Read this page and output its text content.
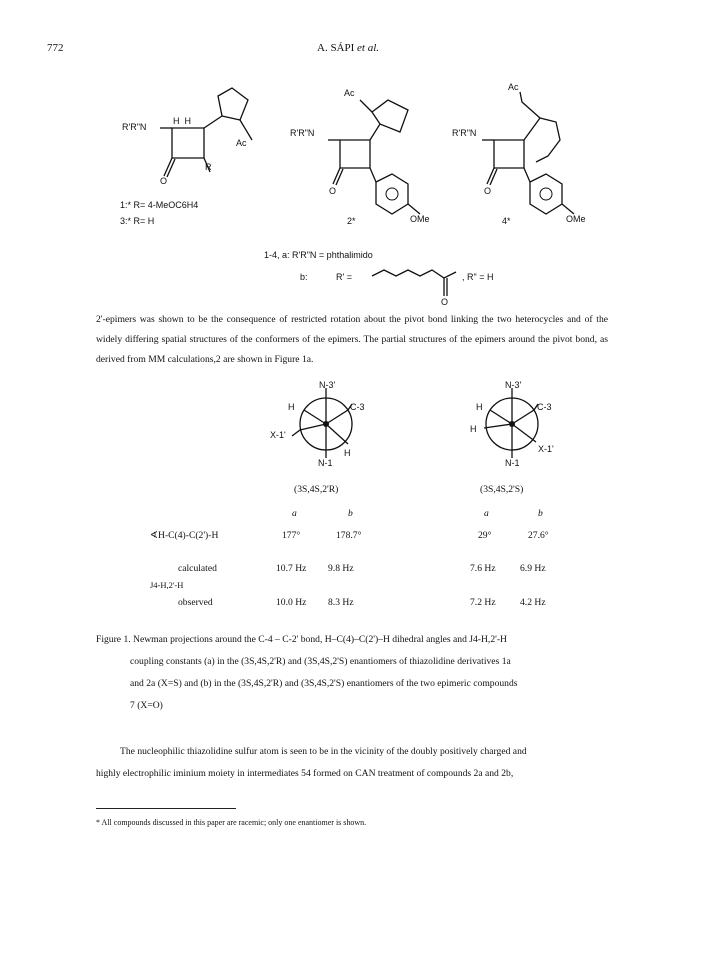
772	A. SÁPI et al.
R'R"N
H  H
Ac
R
O
1:* R= 4-MeOC6H4
3:* R= H
Ac
R'R"N
O
2*	OMe
Ac
R'R"N
O
4*	OMe
1-4, a: R'R"N = phthalimido
b:	R' =	, R" = H
O
2'-epimers was shown to be the consequence of restricted rotation about the pivot bond linking the two heterocycles and of the widely differing spatial structures of the conformers of the epimers. The partial structures of the epimers around the pivot bond, as derived from MM calculations,2 are shown in Figure 1a.
N-3'
H	C-3
X-1'
H
N-1
N-3'
H	C-3
H
X-1'
N-1
(3S,4S,2'R)	(3S,4S,2'S)
a	b	a	b
∢H-C(4)-C(2')-H	177°	178.7°	29°	27.6°
calculated	10.7 Hz 9.8 Hz	7.6 Hz	6.9 Hz
J4-H,2'-H
observed	10.0 Hz 8.3 Hz	7.2 Hz	4.2 Hz
Figure 1. Newman projections around the C-4 – C-2' bond, H–C(4)–C(2')–H dihedral angles and J4-H,2'-H
coupling constants (a) in the (3S,4S,2'R) and (3S,4S,2'S) enantiomers of thiazolidine derivatives 1a
and 2a (X=S) and (b) in the (3S,4S,2'R) and (3S,4S,2'S) enantiomers of the two epimeric compounds
7 (X=O)
The nucleophilic thiazolidine sulfur atom is seen to be in the vicinity of the doubly positively charged and
highly electrophilic iminium moiety in intermediates 54 formed on CAN treatment of compounds 2a and 2b,
* All compounds discussed in this paper are racemic; only one enantiomer is shown.
